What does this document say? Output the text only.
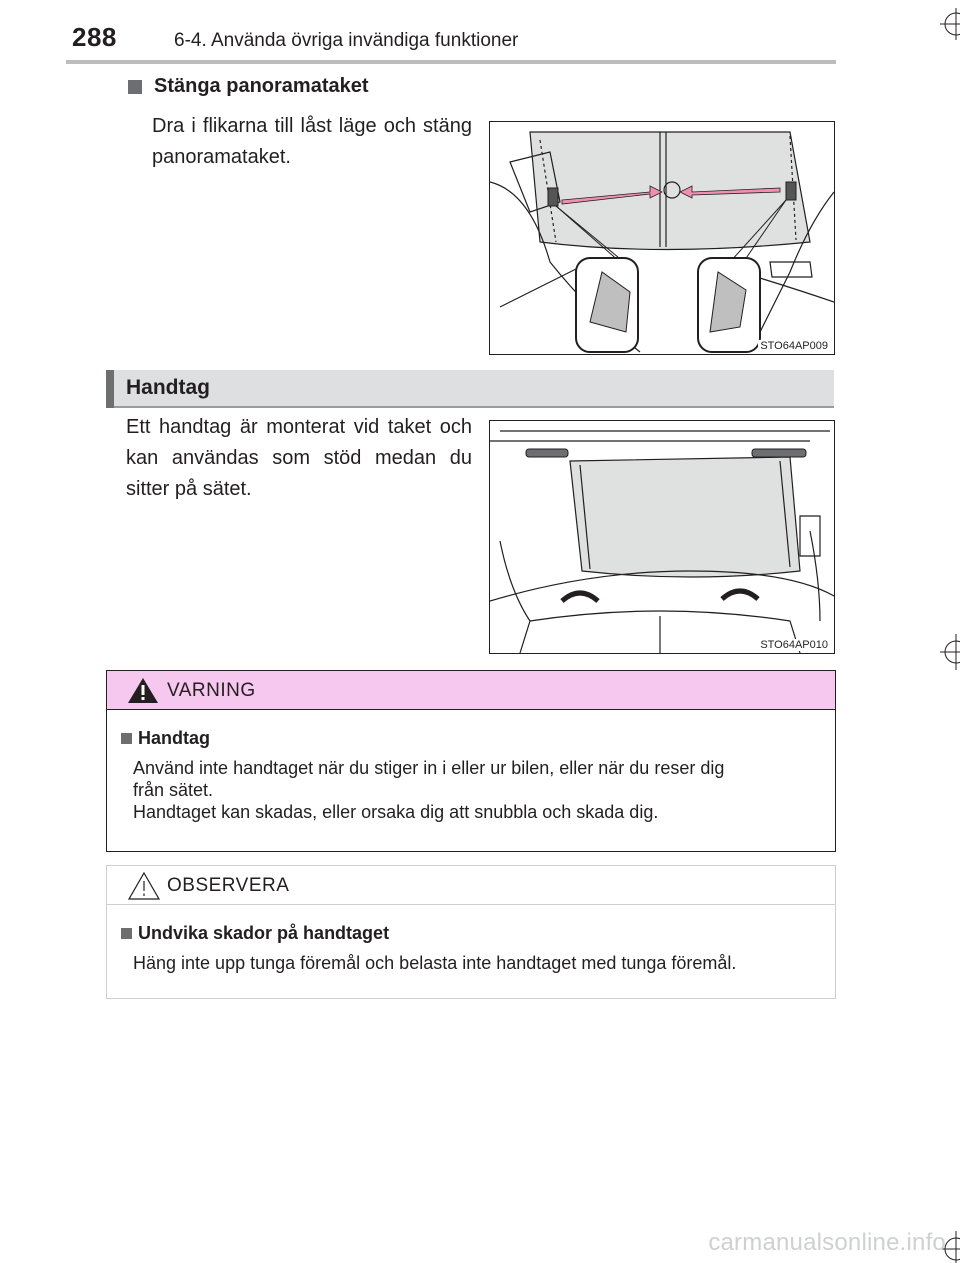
288	6-4. Använda övriga invändiga funktioner
Stänga panoramataket
Dra i flikarna till låst läge och stäng panoramataket.
STO64AP009
Handtag
Ett handtag är monterat vid taket och kan användas som stöd medan du sitter på sätet.
STO64AP010
VARNING
Handtag
Använd inte handtaget när du stiger in i eller ur bilen, eller när du reser dig
från sätet.
Handtaget kan skadas, eller orsaka dig att snubbla och skada dig.
OBSERVERA
Undvika skador på handtaget
Häng inte upp tunga föremål och belasta inte handtaget med tunga föremål.
carmanualsonline.info
